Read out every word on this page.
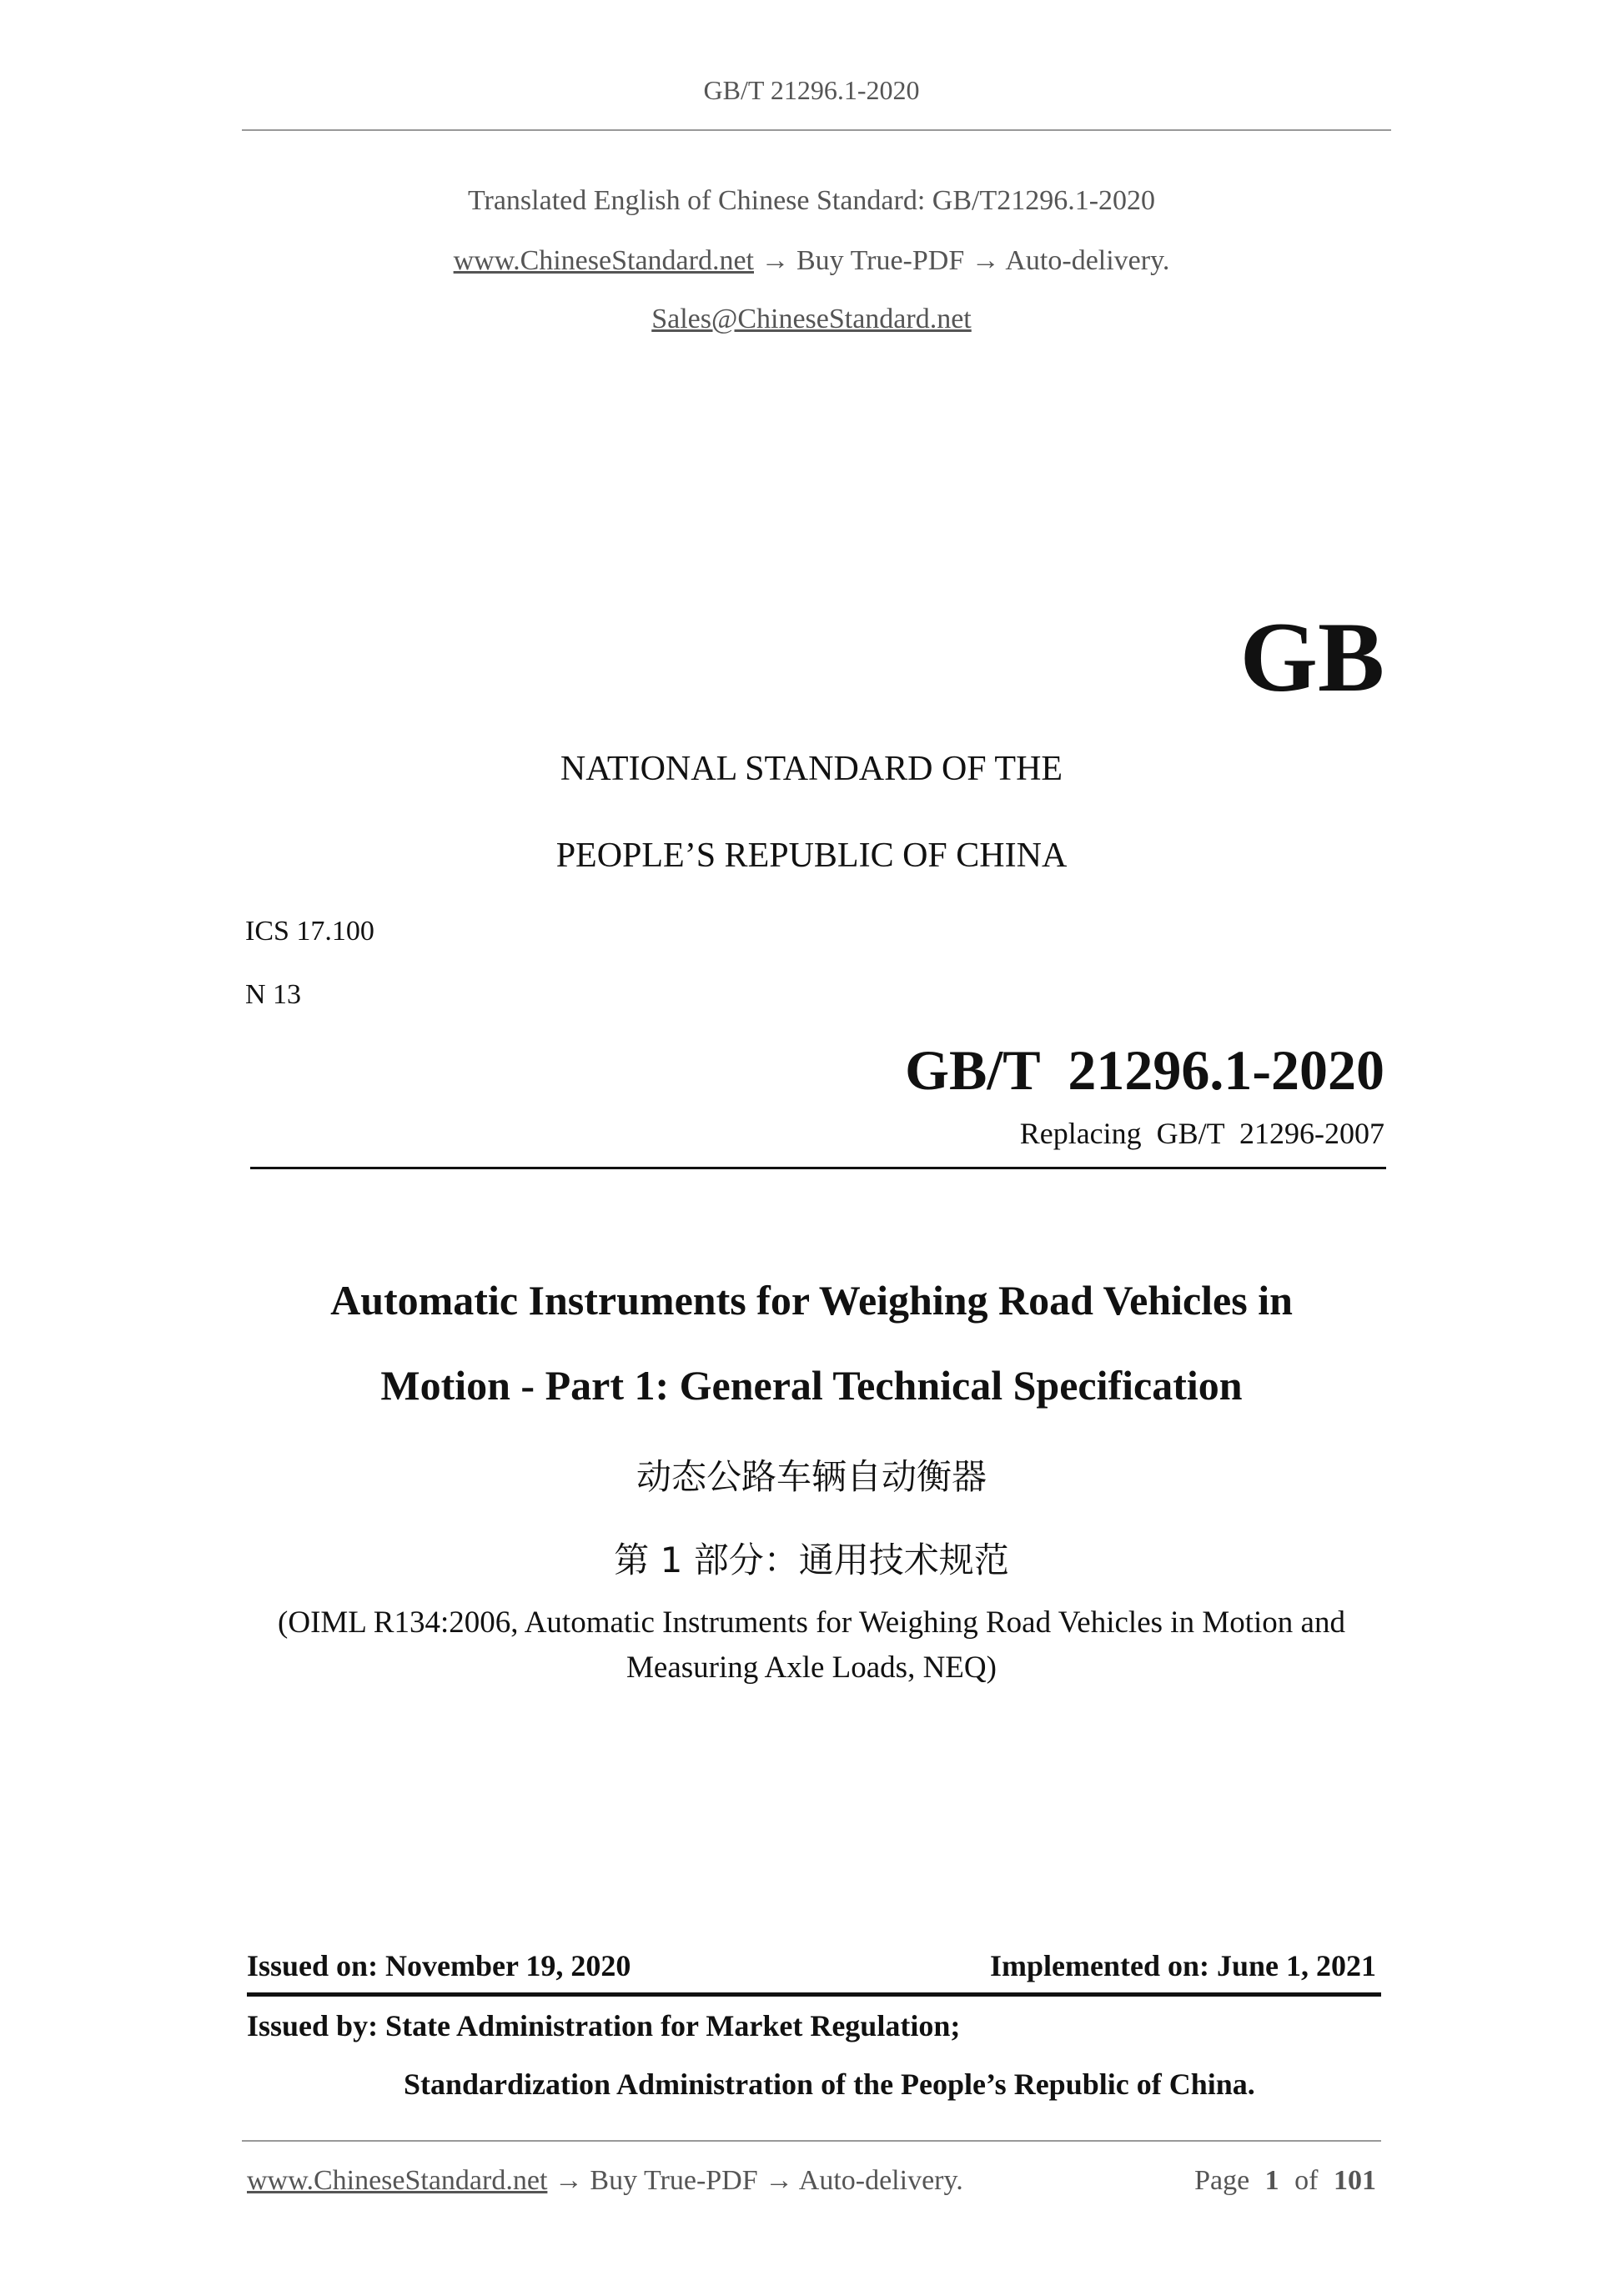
GB/T 21296.1-2020
Translated English of Chinese Standard: GB/T21296.1-2020
www.ChineseStandard.net → Buy True-PDF → Auto-delivery.
Sales@ChineseStandard.net
GB
NATIONAL STANDARD OF THE
PEOPLE’S REPUBLIC OF CHINA
ICS 17.100
N 13
GB/T  21296.1-2020
Replacing  GB/T  21296-2007
Automatic Instruments for Weighing Road Vehicles in
Motion - Part 1: General Technical Specification
动态公路车辆自动衡器
第 1 部分：通用技术规范
(OIML R134:2006, Automatic Instruments for Weighing Road Vehicles in Motion and
Measuring Axle Loads, NEQ)
Issued on: November 19, 2020	Implemented on: June 1, 2021
Issued by: State Administration for Market Regulation;
Standardization Administration of the People’s Republic of China.
www.ChineseStandard.net → Buy True-PDF → Auto-delivery.	Page 1 of 101
